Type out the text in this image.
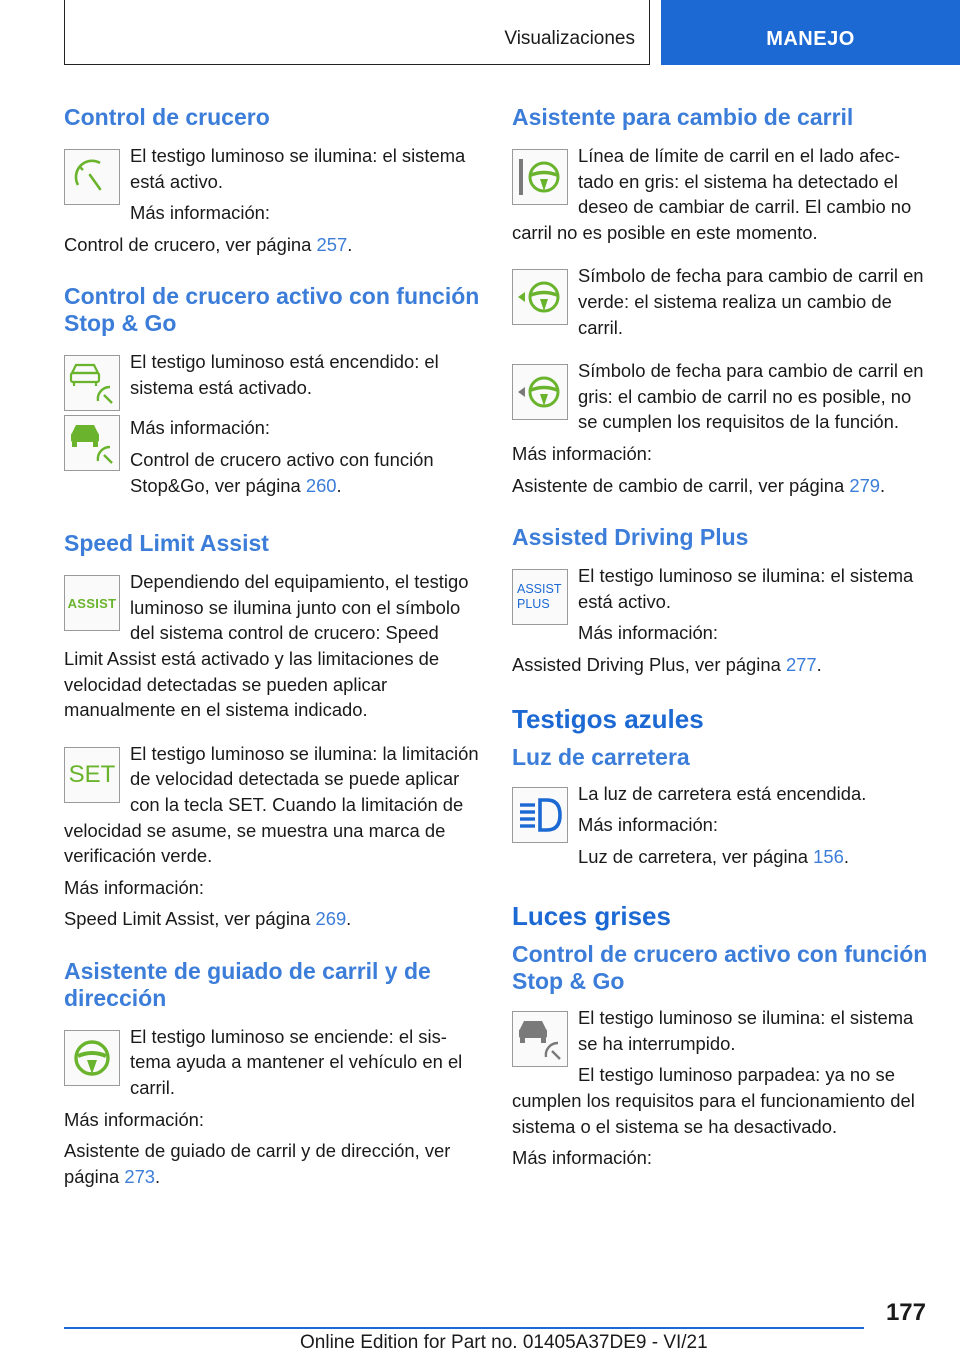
Visualizaciones	MANEJO
Control de crucero

El testigo luminoso se ilumina: el sistema está activo.

Más información:

Control de crucero, ver página 257.

Control de crucero activo con función Stop & Go

El testigo luminoso está encendido: el sistema está activado.

Más información:

Control de crucero activo con función Stop&Go, ver página 260.

Speed Limit Assist
ASSIST

Dependiendo del equipamiento, el testigo luminoso se ilumina junto con el símbolo del sistema control de crucero: Speed Limit Assist está activado y las limitaciones de velocidad detectadas se pueden aplicar manualmente en el sistema indicado.

SET

El testigo luminoso se ilumina: la limitación de velocidad detectada se puede aplicar con la tecla SET. Cuando la limitación de velocidad se asume, se muestra una marca de verificación verde.

Más información:

Speed Limit Assist, ver página 269.

Asistente de guiado de carril y de dirección

El testigo luminoso se enciende: el sistema ayuda a mantener el vehículo en el carril.

Más información:

Asistente de guiado de carril y de dirección, ver página 273.

Asistente para cambio de carril

Línea de límite de carril en el lado afectado en gris: el sistema ha detectado el deseo de cambiar de carril. El cambio no carril no es posible en este momento.

Símbolo de fecha para cambio de carril en verde: el sistema realiza un cambio de carril.

Símbolo de fecha para cambio de carril en gris: el cambio de carril no es posible, no se cumplen los requisitos de la función.

Más información:

Asistente de cambio de carril, ver página 279.

Assisted Driving Plus
ASSIST
PLUS

El testigo luminoso se ilumina: el sistema está activo.

Más información:

Assisted Driving Plus, ver página 277.

Testigos azules
Luz de carretera

La luz de carretera está encendida.

Más información:

Luz de carretera, ver página 156.

Luces grises
Control de crucero activo con función Stop & Go

El testigo luminoso se ilumina: el sistema se ha interrumpido.

El testigo luminoso parpadea: ya no se cumplen los requisitos para el funcionamiento del sistema o el sistema se ha desactivado.

Más información:

177
Online Edition for Part no. 01405A37DE9 - VI/21
